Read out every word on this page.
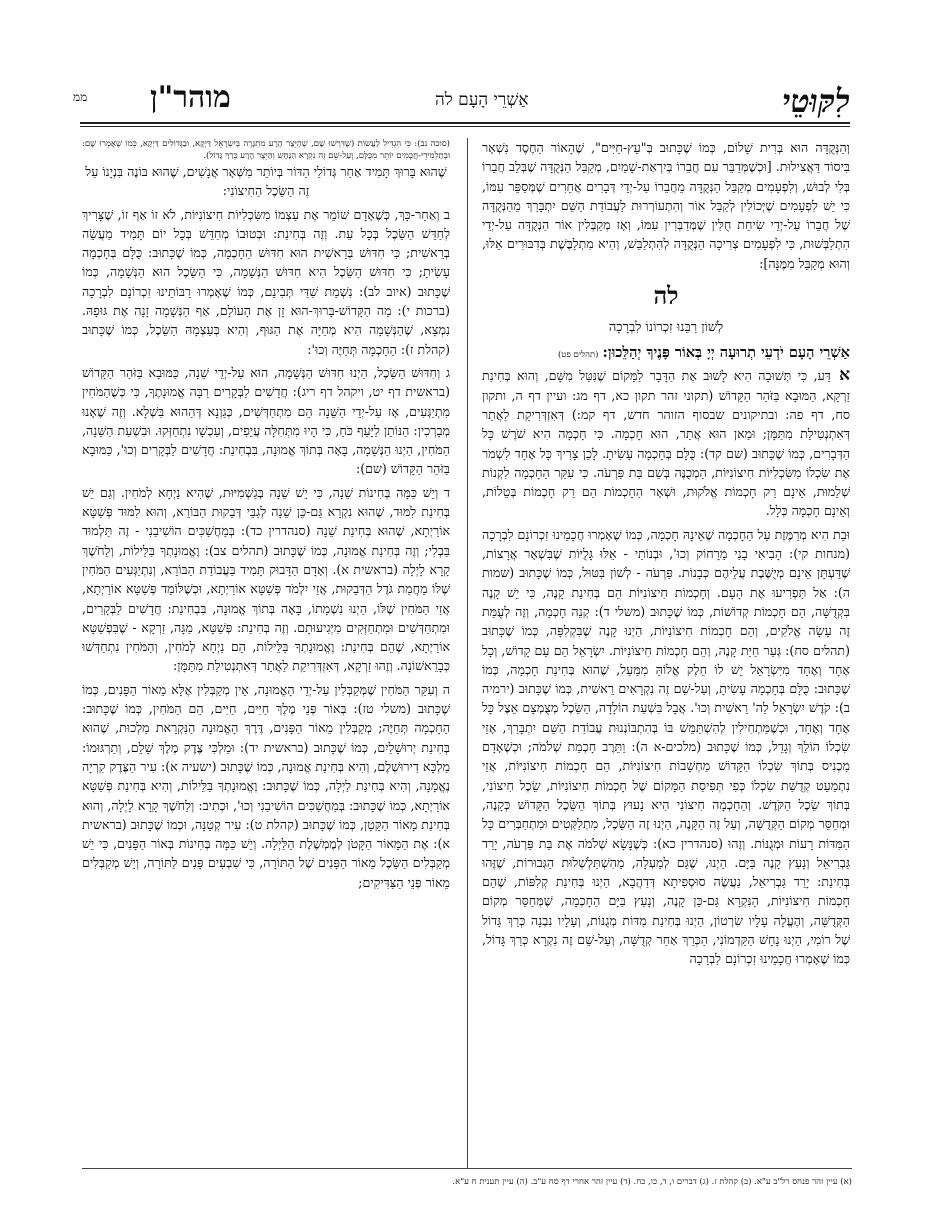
ממ מוהר"ן	אַשְׁרֵי הָעָם לה	לִקּוּטֵי

וְהַנְּקֻדָּה הוּא בְּרִית שָׁלוֹם, כְּמוֹ שֶׁכָּתוּב בְּ"עֵץ-חַיִּים", שֶׁהָאוֹר הַחֶסֶד נִשְׁאָר בִּיסוֹד דַּאֲצִילוּת. [וּכְשֶׁמְּדַבֵּר עִם חֲבֵרוֹ בְּיִרְאַת-שָׁמַיִם, מְקַבֵּל הַנְּקֻדָּה שֶׁבְּלֵב חֲבֵרוֹ בְּלִי לְבוּשׁ, וְלִפְעָמִים מְקַבֵּל הַנְּקֻדָּה מֵחֲבֵרוֹ עַל-יְדֵי דְּבָרִים אֲחֵרִים שֶׁמְּסַפֵּר עִמּוֹ, כִּי יֵשׁ לִפְעָמִים שֶׁיְּכוֹלִין לְקַבֵּל אוֹר וְהִתְעוֹרְרוּת לַעֲבוֹדַת הַשֵּׁם יִתְבָּרַךְ מֵהַנְּקֻדָּה שֶׁל חֲבֵרוֹ עַל-יְדֵי שִׂיחַת חֻלִּין שֶׁמְּדַבְּרִין עִמּוֹ, וְאָז מְקַבְּלִין אוֹר הַנְּקֻדָּה עַל-יְדֵי הִתְלַבְּשׁוּת, כִּי לִפְעָמִים צְרִיכָה הַנְּקֻדָּה לְהִתְלַבֵּשׁ, וְהִיא מִתְלַבֶּשֶׁת בְּדִבּוּרִים אֵלּוּ, וְהוּא מְקַבֵּל מִמֶּנָּה]:

לה
לְשׁוֹן רַבֵּנוּ זִכְרוֹנוֹ לִבְרָכָה

אַשְׁרֵי הָעָם יֹדְעֵי תְרוּעָה יְיָ בְּאוֹר פָּנֶיךָ יְהַלֵּכוּן: (תהלים פט)

א דַּע, כִּי תְּשׁוּבָה הִיא לָשׁוּב אֶת הַדָּבָר לַמָּקוֹם שֶׁנִּטַּל מִשָּׁם, וְהוּא בְּחִינַת זַרְקָא, הַמּוּבָא בַּזֹּהַר הַקָּדוֹשׁ (תקוני זהר תקון כא, דף מג: ועיין דף ה, ותקון סח, דף פה: ובתיקונים שבסוף הזוהר חדש, דף קמ:) דְּאִזְדְּרִיקַת לַאֲתַר דְּאִתְנְטִילַת מִתַּמָּן; וּמַאן הוּא אֲתַר, הוּא חָכְמָה. כִּי חָכְמָה הִיא שֹׁרֶשׁ כָּל הַדְּבָרִים, כְּמוֹ שֶׁכָּתוּב (שם קד): כֻּלָּם בְּחָכְמָה עָשִׂיתָ. לָכֵן צָרִיךְ כָּל אֶחָד לִשְׁמֹר אֶת שִׂכְלוֹ מִשִּׂכְלִיּוֹת חִיצוֹנִיּוֹת, הַמְכֻנֶּה בְּשֵׁם בַּת פַּרְעֹה. כִּי עִקַּר הַחָכְמָה לִקְנוֹת שְׁלֵמוּת, אֵינָם רַק חָכְמוֹת אֱלֹקוּת, וּשְׁאָר הַחָכְמוֹת הֵם רַק חָכְמוֹת בְּטֵלוֹת, וְאֵינָם חָכְמָה כְּלָל.

וּבַת הִיא מְרַמֶּזֶת עַל הַחָכְמָה שֶׁאֵינָהּ חָכְמָה, כְּמוֹ שֶׁאָמְרוּ חֲכָמֵינוּ זִכְרוֹנָם לִבְרָכָה (מנחות קי): הָבִיאִי בָנַי מֵרָחוֹק וְכוּ', וּבְנוֹתַי - אֵלּוּ גָּלֻיּוֹת שֶׁבִּשְׁאָר אֲרָצוֹת, שֶׁדַּעְתָּן אֵינָם מְיֻשֶּׁבֶת עֲלֵיהֶם כְּבָנוֹת. פַּרְעֹה - לְשׁוֹן בִּטּוּל, כְּמוֹ שֶׁכָּתוּב (שמות ה): אַל תַּפְרִיעוּ אֶת הָעָם. וְחָכְמוֹת חִיצוֹנִיּוֹת הֵם בְּחִינַת קָנֶה, כִּי יֵשׁ קָנֶה בִּקְדֻשָּׁה, הֵם חָכְמוֹת קְדוֹשׁוֹת, כְּמוֹ שֶׁכָּתוּב (משלי ד): קְנֵה חָכְמָה, וְזֶה לְעֻמַּת זֶה עָשָׂה אֱלֹקִים, וְהֵם חָכְמוֹת חִיצוֹנִיּוֹת, הַיְנוּ קָנֶה שֶׁבִּקְלִפָּה, כְּמוֹ שֶׁכָּתוּב (תהלים סח): גְּעַר חַיַּת קָנֶה, וְהֵם חָכְמוֹת חִיצוֹנִיּוֹת. יִשְׂרָאֵל הֵם עַם קָדוֹשׁ, וְכָל אֶחָד וְאֶחָד מִיִּשְׂרָאֵל יֵשׁ לוֹ חֵלֶק אֱלוֹהַּ מִמַּעַל, שֶׁהוּא בְּחִינַת חָכְמָה, כְּמוֹ שֶׁכָּתוּב: כֻּלָּם בְּחָכְמָה עָשִׂיתָ, וְעַל-שֵׁם זֶה נִקְרָאִים רֵאשִׁית, כְּמוֹ שֶׁכָּתוּב (ירמיה ב): קֹדֶשׁ יִשְׂרָאֵל לַה' רֵאשִׁית וְכוּ'. אֲבָל בִּשְׁעַת הוֹלָדָה, הַשֵּׂכֶל מְצֻמְצָם אֵצֶל כָּל אֶחָד וְאֶחָד, וּכְשֶׁמַּתְחִילִין לְהִשְׁתַּמֵּשׁ בּוֹ בְּהִתְבּוֹנְנוּת עֲבוֹדַת הַשֵּׁם יִתְבָּרַךְ, אָזַי שִׂכְלוֹ הוֹלֵךְ וְגָדֵל, כְּמוֹ שֶׁכָּתוּב (מלכים-א ה): וַתֵּרֶב חָכְמַת שְׁלֹמֹה; וּכְשֶׁאָדָם מַכְנִיס בְּתוֹךְ שִׂכְלוֹ הַקָּדוֹשׁ מַחְשָׁבוֹת חִיצוֹנִיּוֹת, הֵם חָכְמוֹת חִיצוֹנִיּוֹת, אֲזַי נִתְמַעֵט קְדֻשַּׁת שִׂכְלוֹ כְּפִי תְּפִיסַת הַמָּקוֹם שֶׁל חָכְמוֹת חִיצוֹנִיּוֹת, שֵׂכֶל חִיצוֹנִי, בְּתוֹךְ שֵׂכֶל הַקֹּדֶשׁ. וְהַחָכְמָה חִיצוֹנִי הִיא נָעוּץ בְּתוֹךְ הַשֵּׂכֶל הַקָּדוֹשׁ כְּקָנֶה, וּמְחַסֵּר מְקוֹם הַקְּדֻשָּׁה, וְעַל זֶה הַקָּנֶה, הַיְנוּ זֶה הַשֵּׂכֶל, מִתְלַקְּטִים וּמִתְחַבְּרִים כָּל הַמִּדּוֹת רָעוֹת וּמְגֻנּוֹת. וְזֶהוּ (סנהדרין כא): כְּשֶׁנָּשָׂא שְׁלֹמֹה אֶת בַּת פַּרְעֹה, יָרַד גַּבְרִיאֵל וְנָעַץ קָנֶה בַּיָּם. הַיְנוּ, שֶׁגַּם לְמַעְלָה, מֵהִשְׁתַּלְשְׁלוּת הַגְּבוּרוֹת, שֶׁזֶּהוּ בְּחִינַת: יָרַד גַּבְרִיאֵל, נַעֲשֶׂה סוּסְפִיתָא דְּדַהֲבָא, הַיְנוּ בְּחִינַת קְלִפּוֹת, שֶׁהֵם חָכְמוֹת חִיצוֹנִיּוֹת, הַנִּקְרָא גַּם-כֵּן קָנֶה, וְנָעַץ בַּיָּם הַחָכְמָה, שֶׁמְּחַסֵּר מְקוֹם הַקְּדֻשָּׁה, וְהֶעֱלָה עָלָיו שִׂרְטוֹן, הַיְנוּ בְּחִינַת מִדּוֹת מְגֻנּוֹת, וְעָלָיו נִבְנָה כְּרַךְ גָּדוֹל שֶׁל רוֹמִי, הַיְנוּ נָחָשׁ הַקַּדְמוֹנִי, הַכְּרַךְ אַחַר קְדֻשָּׁה, וְעַל-שֵׁם זֶה נִקְרָא כְּרַךְ גָּדוֹל, כְּמוֹ שֶׁאָמְרוּ חֲכָמֵינוּ זִכְרוֹנָם לִבְרָכָה

(סוכה נב): כִּי הִגְדִּיל לַעֲשׂוֹת (שֶׁדִּרְשׁוּ שָׁם, שֶׁהַיֵּצֶר הָרָע מִתְגָּרֶה בְּיִשְׂרָאֵל דַּיְקָא, וּבַגְּדוֹלִים דַּיְקָא, כְּמוֹ שֶׁאָמְרוּ שָׁם: וּבְתַלְמִידֵי-חֲכָמִים יוֹתֵר מִכֻּלָּם, וְעַל-שֵׁם זֶה נִקְרָא הַנָּחָשׁ וְהַיֵּצֶר הָרָע כְּרַךְ גָּדוֹל).

שֶׁהוּא בָּרוּךְ תָּמִיד אַחַר גְּדוֹלֵי הַדּוֹר בְּיוֹתֵר מִשְּׁאָר אֲנָשִׁים, שֶׁהוּא בּוֹנֶה בִּנְיָנוֹ עַל זֶה הַשֵּׂכֶל הַחִיצוֹנִי:

ב וְאַחַר-כָּךְ, כְּשֶׁאָדָם שׁוֹמֵר אֶת עַצְמוֹ מִשִּׂכְלִיּוֹת חִיצוֹנִיּוֹת, לֹא זוֹ אַף זוֹ, שֶׁצָּרִיךְ לְחַדֵּשׁ הַשֵּׂכֶל בְּכָל עֵת. וְזֶה בְּחִינַת: וּבְטוּבוֹ מְחַדֵּשׁ בְּכָל יוֹם תָּמִיד מַעֲשֵׂה בְרֵאשִׁית; כִּי חִדּוּשׁ בְּרֵאשִׁית הוּא חִדּוּשׁ הַחָכְמָה, כְּמוֹ שֶׁכָּתוּב: כֻּלָּם בְּחָכְמָה עָשִׂיתָ; כִּי חִדּוּשׁ הַשֵּׂכֶל הִיא חִדּוּשׁ הַנְּשָׁמָה, כִּי הַשֵּׂכֶל הוּא הַנְּשָׁמָה, כְּמוֹ שֶׁכָּתוּב (איוב לב): נִשְׁמַת שַׁדַּי תְּבִינֵם, כְּמוֹ שֶׁאָמְרוּ רַבּוֹתֵינוּ זִכְרוֹנָם לִבְרָכָה (ברכות י): מַה הַקָּדוֹשׁ-בָּרוּךְ-הוּא זָן אֶת הָעוֹלָם, אַף הַנְּשָׁמָה זָנָה אֶת גּוּפָהּ. נִמְצָא, שֶׁהַנְּשָׁמָה הִיא מְחַיָּה אֶת הַגּוּף, וְהִיא בְּעַצְמָהּ הַשֵּׂכֶל, כְּמוֹ שֶׁכָּתוּב (קהלת ז): הַחָכְמָה תְּחַיֶּה וְכוּ':

ג וְחִדּוּשׁ הַשֵּׂכֶל, הַיְנוּ חִדּוּשׁ הַנְּשָׁמָה, הוּא עַל-יְדֵי שֵׁנָה, כַּמּוּבָא בַּזֹּהַר הַקָּדוֹשׁ (בראשית דף יט, ויקהל דף ריג): חֲדָשִׁים לַבְּקָרִים רַבָּה אֱמוּנָתֶךָ, כִּי כְּשֶׁהַמֹּחִין מִתְיַגְּעִים, אָז עַל-יְדֵי הַשֵּׁנָה הֵם מִתְחַדְּשִׁים, כְּגַוְנָא דְּהַהוּא בִּשְׁלָא. וְזֶה שֶׁאָנוּ מְבָרְכִין: הַנּוֹתֵן לַיָּעֵף כֹּחַ, כִּי הָיוּ מִתְּחִלָּה עֲיֵפִים, וְעַכְשָׁו נִתְחַזְּקוּ. וּבִשְׁעַת הַשֵּׁנָה, הַמֹּחִין, הַיְנוּ הַנְּשָׁמָה, בָּאָה בְּתוֹךְ אֱמוּנָה, בִּבְחִינַת: חֲדָשִׁים לַבְּקָרִים וְכוּ', כַּמּוּבָא בַּזֹּהַר הַקָּדוֹשׁ (שם):

ד וְיֵשׁ כַּמָּה בְּחִינוֹת שֵׁנָה, כִּי יֵשׁ שֵׁנָה בְּגַשְׁמִיּוּת, שֶׁהִיא נַיְחָא לְמֹחִין. וְגַם יֵשׁ בְּחִינַת לִמּוּד, שֶׁהוּא נִקְרָא גַּם-כֵּן שֵׁנָה לְגַבֵּי דְּבֵקוּת הַבּוֹרֵא, וְהוּא לִמּוּד פְּשַׁטָּא אוֹרַיְתָא, שֶׁהוּא בְּחִינַת שֵׁנָה (סנהדרין כד): בְּמַחֲשַׁכִּים הוֹשִׁיבַנִי - זֶה תַּלְמוּד בַּבְלִי; וְזֶה בְּחִינַת אֱמוּנָה, כְּמוֹ שֶׁכָּתוּב (תהלים צב): וֶאֱמוּנָתְךָ בַּלֵּילוֹת, וְלַחֹשֶׁךְ קָרָא לָיְלָה (בראשית א). וְאָדָם הַדָּבוּק תָּמִיד בַּעֲבוֹדַת הַבּוֹרֵא, וְנִתְיַגְּעִים הַמֹּחִין שֶׁלּוֹ מֵחֲמַת גֹּדֶל הַדְּבֵקוּת, אֲזַי יִלְמֹד פְּשַׁטָּא אוֹרַיְתָא, וּכְשֶׁלּוֹמֵד פְּשַׁטָּא אוֹרַיְתָא, אֲזַי הַמֹּחִין שֶׁלּוֹ, הַיְנוּ נִשְׁמָתוֹ, בָּאָה בְּתוֹךְ אֱמוּנָה, בִּבְחִינַת: חֲדָשִׁים לַבְּקָרִים, וּמִתְחַדְּשִׁים וּמִתְחַזְּקִים מִיְּגִיעוּתָם. וְזֶה בְּחִינַת: פְּשַׁטָּא, מַגָּה, זַרְקָא - שֶׁבִּפְשַׁטָּא אוֹרַיְתָא, שֶׁהֵם בְּחִינַת: וֶאֱמוּנָתְךָ בַּלֵּילוֹת, הֵם נַיְחָא לְמֹחִין, וְהַמֹּחִין נִתְחַדְּשׁוּ כְּבָרֵאשׁוֹנָה. וְזֶהוּ זַרְקָא, דְּאִזְדְּרִיקַת לַאֲתַר דְּאִתְנְטִילַת מִתַּמָּן:

ה וְעִקַּר הַמֹּחִין שֶׁמְּקַבְּלִין עַל-יְדֵי הָאֱמוּנָה, אֵין מְקַבְּלִין אֶלָּא מֵאוֹר הַפָּנִים, כְּמוֹ שֶׁכָּתוּב (משלי טז): בְּאוֹר פְּנֵי מֶלֶךְ חַיִּים, חַיִּים, הֵם הַמֹּחִין, כְּמוֹ שֶׁכָּתוּב: הַחָכְמָה תְּחַיֶּה; מְקַבְּלִין מֵאוֹר הַפָּנִים, דֶּרֶךְ הָאֱמוּנָה הַנִּקְרֵאת מַלְכוּת, שֶׁהוּא בְּחִינַת יְרוּשָׁלַיִם, כְּמוֹ שֶׁכָּתוּב (בראשית יד): וּמַלְכִּי צֶדֶק מֶלֶךְ שָׁלֵם, וְתַרְגּוּמוֹ: מַלְכָּא דִירוּשְׁלֶם, וְהִיא בְּחִינַת אֱמוּנָה, כְּמוֹ שֶׁכָּתוּב (ישעיה א): עִיר הַצֶּדֶק קִרְיָה נֶאֱמָנָה, וְהִיא בְּחִינַת לַיְלָה, כְּמוֹ שֶׁכָּתוּב: וֶאֱמוּנָתְךָ בַּלֵּילוֹת, וְהִיא בְּחִינַת פְּשַׁטָּא אוֹרַיְתָא, כְּמוֹ שֶׁכָּתוּב: בְּמַחֲשַׁכִּים הוֹשִׁיבַנִי וְכוּ', וּכְתִיב: וְלַחֹשֶׁךְ קָרָא לָיְלָה, וְהוּא בְּחִינַת מָאוֹר הַקָּטָן, כְּמוֹ שֶׁכָּתוּב (קהלת ט): עִיר קְטַנָּה, וּכְמוֹ שֶׁכָּתוּב (בראשית א): אֶת הַמָּאוֹר הַקָּטֹן לְמֶמְשֶׁלֶת הַלַּיְלָה. וְיֵשׁ כַּמָּה בְּחִינוֹת בְּאוֹר הַפָּנִים, כִּי יֵשׁ מְקַבְּלִים הַשֵּׂכֶל מֵאוֹר הַפָּנִים שֶׁל הַתּוֹרָה, כִּי שִׁבְעִים פָּנִים לַתּוֹרָה, וְיֵשׁ מְקַבְּלִים מֵאוֹר פְּנֵי הַצַּדִּיקִים;

(א) עיין זהר פנחס רל"ב ע"א. (ב) קהלת ז. (ג) דברים ו, ד, כו, כח. (ד) עיין זהר אחרי דף סח ע"ב. (ה) עיין תענית ח ע"א.
